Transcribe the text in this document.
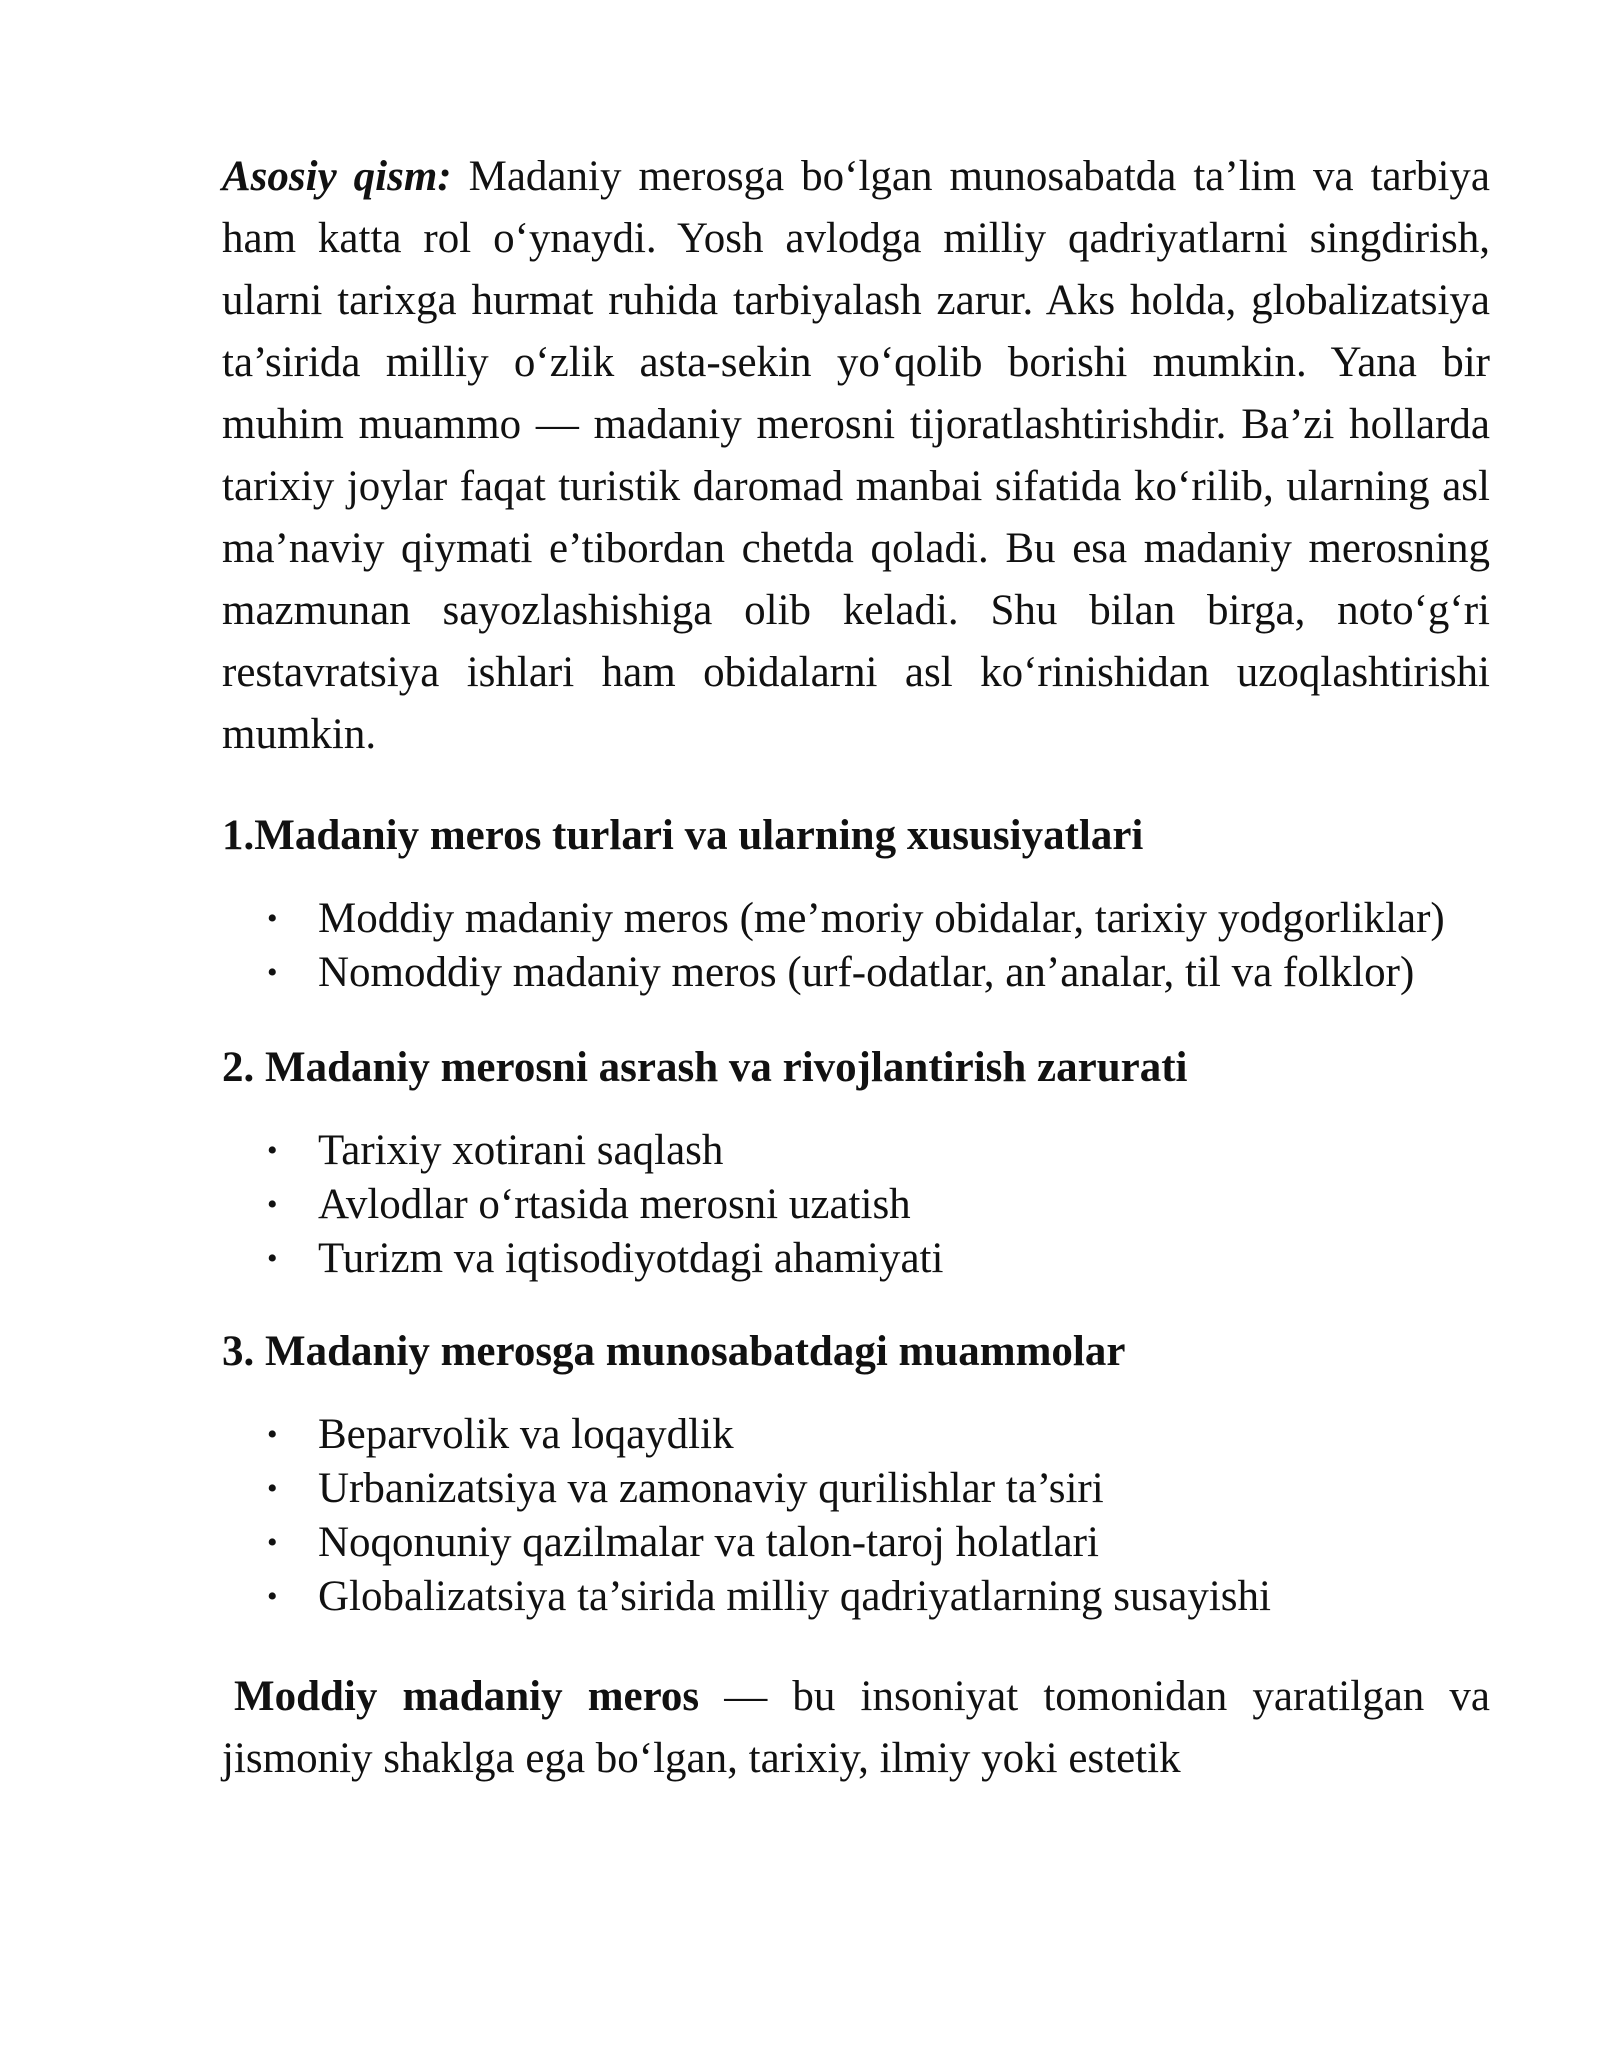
Asosiy qism: Madaniy merosga bo‘lgan munosabatda ta’lim va tarbiya ham katta rol o‘ynaydi. Yosh avlodga milliy qadriyatlarni singdirish, ularni tarixga hurmat ruhida tarbiyalash zarur. Aks holda, globalizatsiya ta’sirida milliy o‘zlik asta-sekin yo‘qolib borishi mumkin. Yana bir muhim muammo — madaniy merosni tijoratlashtirishdir. Ba’zi hollarda tarixiy joylar faqat turistik daromad manbai sifatida ko‘rilib, ularning asl ma’naviy qiymati e’tibordan chetda qoladi. Bu esa madaniy merosning mazmunan sayozlashishiga olib keladi. Shu bilan birga, noto‘g‘ri restavratsiya ishlari ham obidalarni asl ko‘rinishidan uzoqlashtirishi mumkin.

1.Madaniy meros turlari va ularning xususiyatlari
• Moddiy madaniy meros (me’moriy obidalar, tarixiy yodgorliklar)
• Nomoddiy madaniy meros (urf-odatlar, an’analar, til va folklor)
2. Madaniy merosni asrash va rivojlantirish zarurati
• Tarixiy xotirani saqlash
• Avlodlar o‘rtasida merosni uzatish
• Turizm va iqtisodiyotdagi ahamiyati
3. Madaniy merosga munosabatdagi muammolar
• Beparvolik va loqaydlik
• Urbanizatsiya va zamonaviy qurilishlar ta’siri
• Noqonuniy qazilmalar va talon-taroj holatlari
• Globalizatsiya ta’sirida milliy qadriyatlarning susayishi

Moddiy madaniy meros — bu insoniyat tomonidan yaratilgan va jismoniy shaklga ega bo‘lgan, tarixiy, ilmiy yoki estetik
